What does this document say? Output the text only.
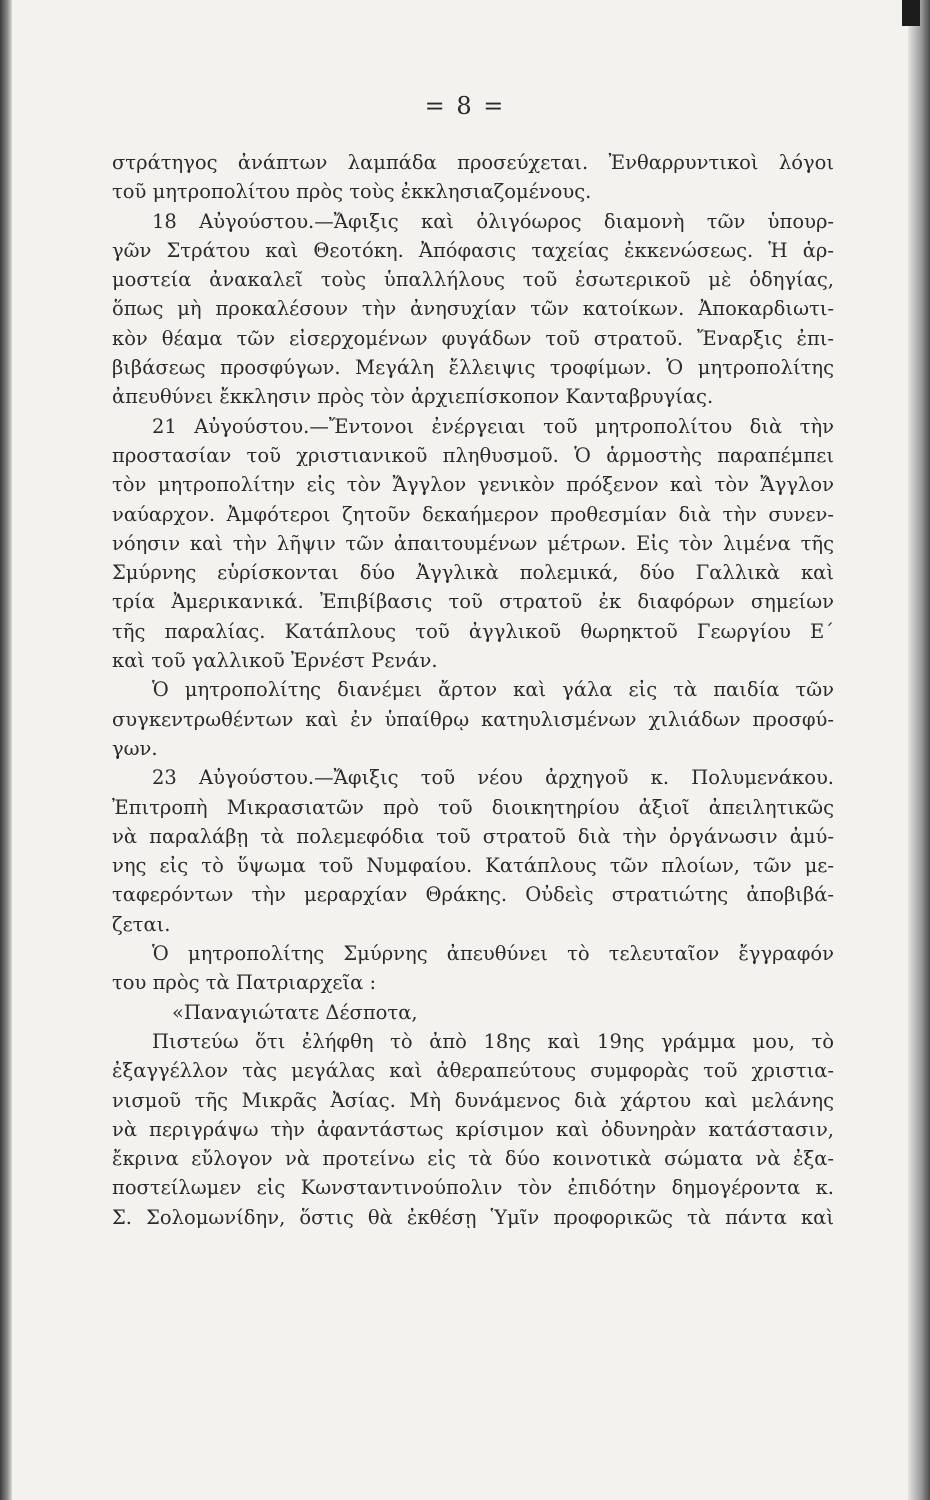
= 8 =
στράτηγος ἀνάπτων λαμπάδα προσεύχεται. Ἐνθαρρυντικοὶ λόγοι
τοῦ μητροπολίτου πρὸς τοὺς ἐκκλησιαζομένους.
18 Αὐγούστου.—Ἄφιξις καὶ ὀλιγόωρος διαμονὴ τῶν ὑπουρ-
γῶν Στράτου καὶ Θεοτόκη. Ἀπόφασις ταχείας ἐκκενώσεως. Ἡ ἁρ-
μοστεία ἀνακαλεῖ τοὺς ὑπαλλήλους τοῦ ἐσωτερικοῦ μὲ ὁδηγίας,
ὅπως μὴ προκαλέσουν τὴν ἀνησυχίαν τῶν κατοίκων. Ἀποκαρδιωτι-
κὸν θέαμα τῶν εἰσερχομένων φυγάδων τοῦ στρατοῦ. Ἔναρξις ἐπι-
βιβάσεως προσφύγων. Μεγάλη ἔλλειψις τροφίμων. Ὁ μητροπολίτης
ἀπευθύνει ἔκκλησιν πρὸς τὸν ἀρχιεπίσκοπον Κανταβρυγίας.
21 Αὐγούστου.—Ἔντονοι ἐνέργειαι τοῦ μητροπολίτου διὰ τὴν
προστασίαν τοῦ χριστιανικοῦ πληθυσμοῦ. Ὁ ἁρμοστὴς παραπέμπει
τὸν μητροπολίτην εἰς τὸν Ἄγγλον γενικὸν πρόξενον καὶ τὸν Ἄγγλον
ναύαρχον. Ἀμφότεροι ζητοῦν δεκαήμερον προθεσμίαν διὰ τὴν συνεν-
νόησιν καὶ τὴν λῆψιν τῶν ἀπαιτουμένων μέτρων. Εἰς τὸν λιμένα τῆς
Σμύρνης εὑρίσκονται δύο Ἀγγλικὰ πολεμικά, δύο Γαλλικὰ καὶ
τρία Ἀμερικανικά. Ἐπιβίβασις τοῦ στρατοῦ ἐκ διαφόρων σημείων
τῆς παραλίας. Κατάπλους τοῦ ἀγγλικοῦ θωρηκτοῦ Γεωργίου Ε΄
καὶ τοῦ γαλλικοῦ Ἐρνέστ Ρενάν.
Ὁ μητροπολίτης διανέμει ἄρτον καὶ γάλα εἰς τὰ παιδία τῶν
συγκεντρωθέντων καὶ ἐν ὑπαίθρῳ κατηυλισμένων χιλιάδων προσφύ-
γων.
23 Αὐγούστου.—Ἄφιξις τοῦ νέου ἀρχηγοῦ κ. Πολυμενάκου.
Ἐπιτροπὴ Μικρασιατῶν πρὸ τοῦ διοικητηρίου ἀξιοῖ ἀπειλητικῶς
νὰ παραλάβῃ τὰ πολεμεφόδια τοῦ στρατοῦ διὰ τὴν ὀργάνωσιν ἀμύ-
νης εἰς τὸ ὕψωμα τοῦ Νυμφαίου. Κατάπλους τῶν πλοίων, τῶν με-
ταφερόντων τὴν μεραρχίαν Θράκης. Οὐδεὶς στρατιώτης ἀποβιβά-
ζεται.
Ὁ μητροπολίτης Σμύρνης ἀπευθύνει τὸ τελευταῖον ἔγγραφόν
του πρὸς τὰ Πατριαρχεῖα :
«Παναγιώτατε Δέσποτα,
Πιστεύω ὅτι ἐλήφθη τὸ ἀπὸ 18ης καὶ 19ης γράμμα μου, τὸ
ἐξαγγέλλον τὰς μεγάλας καὶ ἀθεραπεύτους συμφορὰς τοῦ χριστια-
νισμοῦ τῆς Μικρᾶς Ἀσίας. Μὴ δυνάμενος διὰ χάρτου καὶ μελάνης
νὰ περιγράψω τὴν ἀφαντάστως κρίσιμον καὶ ὀδυνηρὰν κατάστασιν,
ἔκρινα εὔλογον νὰ προτείνω εἰς τὰ δύο κοινοτικὰ σώματα νὰ ἐξα-
ποστείλωμεν εἰς Κωνσταντινούπολιν τὸν ἐπιδότην δημογέροντα κ.
Σ. Σολομωνίδην, ὅστις θὰ ἐκθέσῃ Ὑμῖν προφορικῶς τὰ πάντα καὶ
